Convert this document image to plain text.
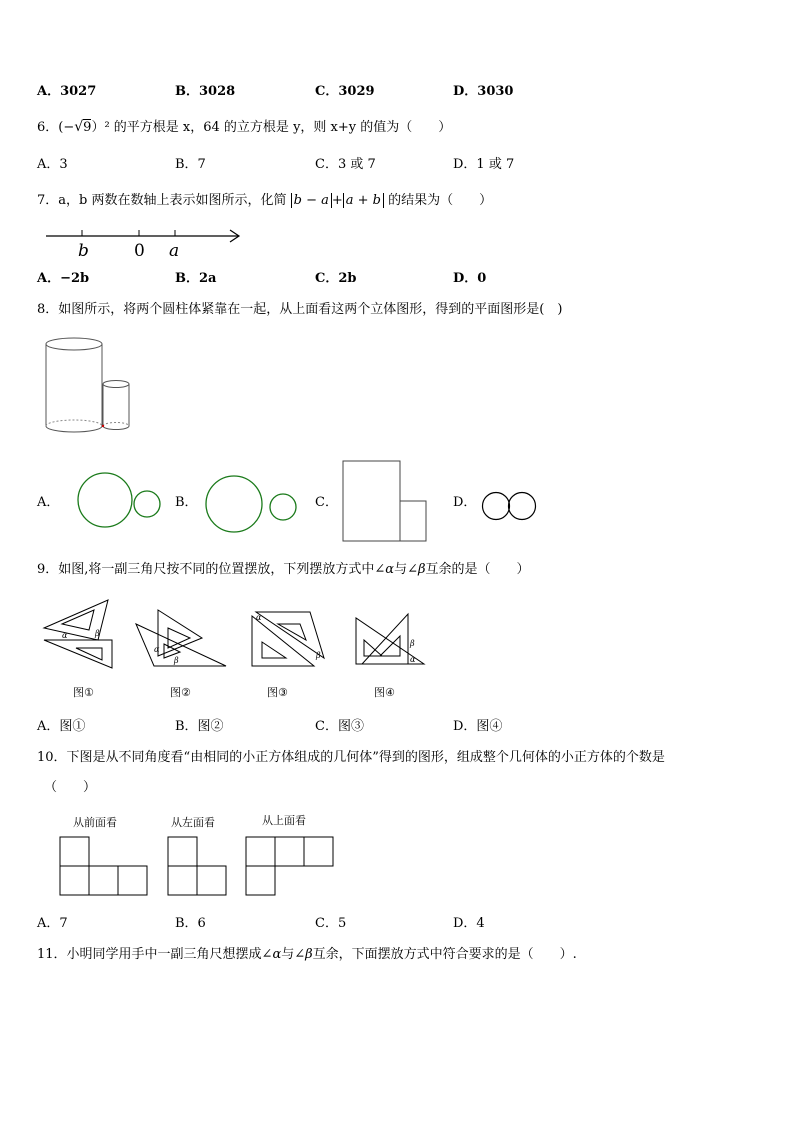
A．3027	B．3028	C．3029	D．3030
6．(−√9）² 的平方根是 x，64 的立方根是 y，则 x+y 的值为（　　）
A．3	B．7	C．3 或 7	D．1 或 7
7．a，b 两数在数轴上表示如图所示，化简 b − a + a + b 的结果为（　　）
b	0 a
A．−2b	B．2a	C．2b	D．0
8．如图所示，将两个圆柱体紧靠在一起，从上面看这两个立体图形，得到的平面图形是(　)
A．	B．	C．	D．
9．如图,将一副三角尺按不同的位置摆放，下列摆放方式中∠α与∠β互余的是（　　）
α	β
图①
α
β
图②
α
β
图③
β
α
图④
A．图①	B．图②	C．图③	D．图④
10．下图是从不同角度看“由相同的小正方体组成的几何体”得到的图形，组成整个几何体的小正方体的个数是
（　　）
从前面看	从左面看	从上面看
A．7	B．6	C．5	D．4
11．小明同学用手中一副三角尺想摆成∠α与∠β互余，下面摆放方式中符合要求的是（　　）.
